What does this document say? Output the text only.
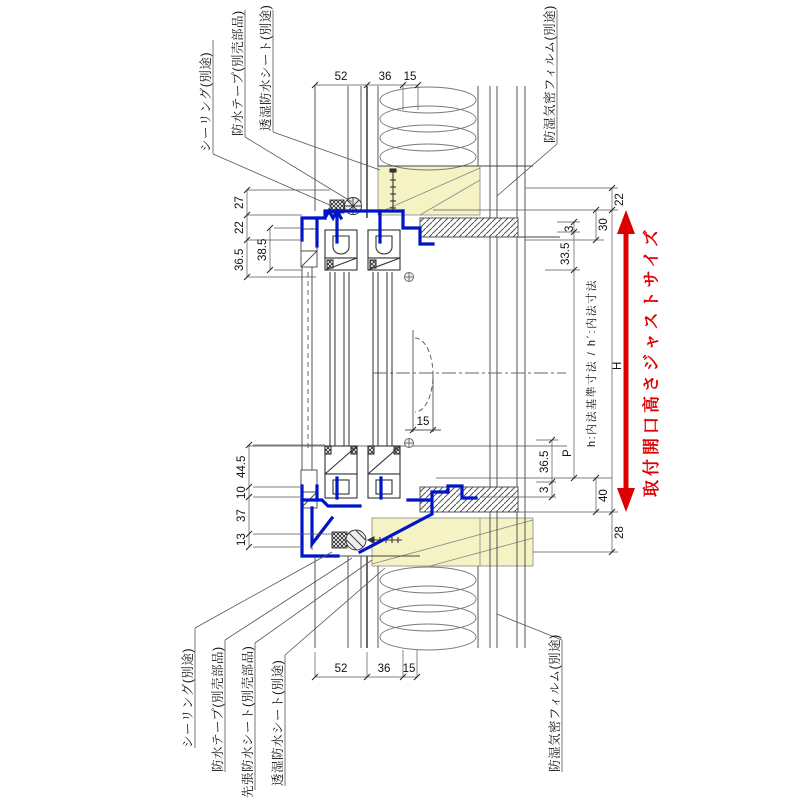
シーリング(別途) 防水テープ(別売部品) 透湿防水シート(別途)	防湿気密フィルム(別途)
シーリング(別途) 防水テープ(別売部品) 先張防水シート(別売部品) 透湿防水シート(別途)	防湿気密フィルム(別途)
52	36 15
52	36 15
15
27
22
36.5 38.5
44.5
10
37
13
22
30
3
33.5
36.5
3	40
28
H
P
h:内法基準寸法 / h´:内法寸法	取付開口高さジャストサイズ
